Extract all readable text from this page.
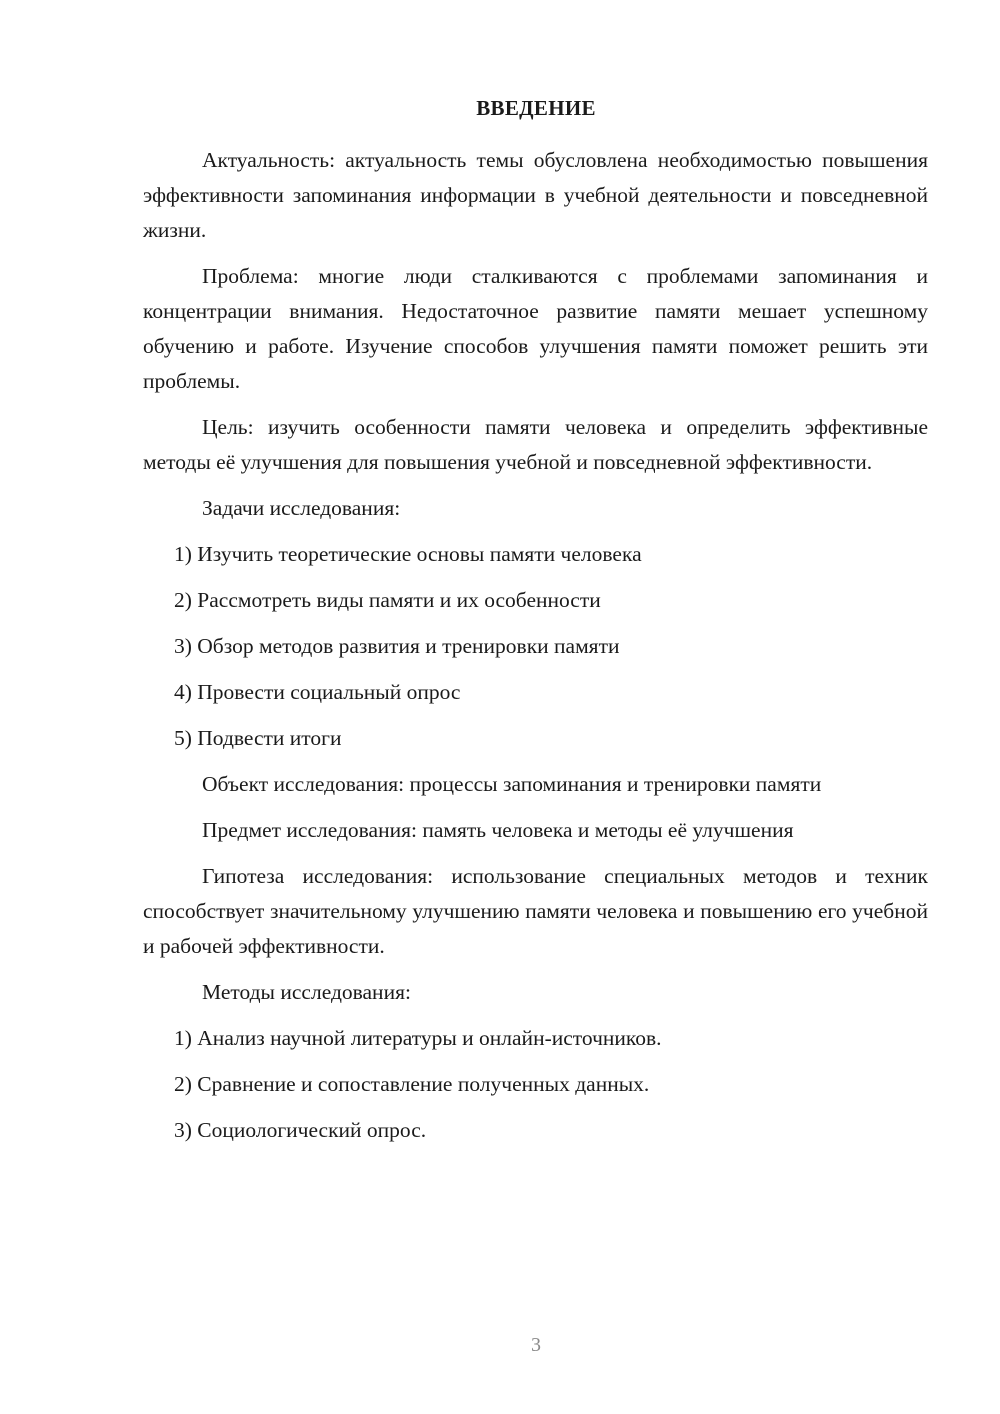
ВВЕДЕНИЕ

Актуальность: актуальность темы обусловлена необходимостью повышения эффективности запоминания информации в учебной деятельности и повседневной жизни.

Проблема: многие люди сталкиваются с проблемами запоминания и концентрации внимания. Недостаточное развитие памяти мешает успешному обучению и работе. Изучение способов улучшения памяти поможет решить эти проблемы.

Цель: изучить особенности памяти человека и определить эффективные методы её улучшения для повышения учебной и повседневной эффективности.

Задачи исследования:

1) Изучить теоретические основы памяти человека

2) Рассмотреть виды памяти и их особенности

3) Обзор методов развития и тренировки памяти

4) Провести социальный опрос

5) Подвести итоги

Объект исследования: процессы запоминания и тренировки памяти

Предмет исследования: память человека и методы её улучшения

Гипотеза исследования: использование специальных методов и техник способствует значительному улучшению памяти человека и повышению его учебной и рабочей эффективности.

Методы исследования:

1) Анализ научной литературы и онлайн-источников.

2) Сравнение и сопоставление полученных данных.

3) Социологический опрос.

3
